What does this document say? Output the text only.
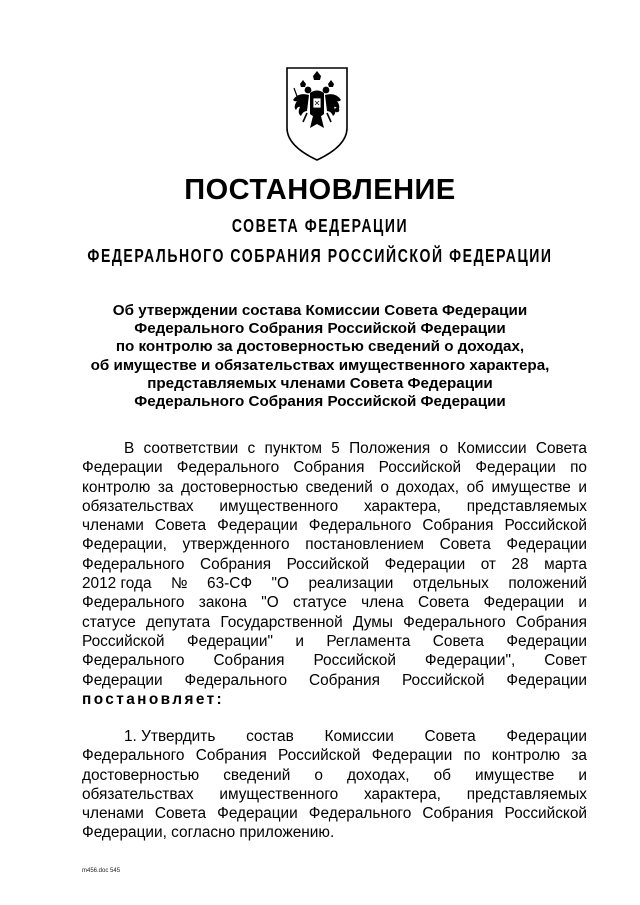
ПОСТАНОВЛЕНИЕ
СОВЕТА ФЕДЕРАЦИИ
ФЕДЕРАЛЬНОГО СОБРАНИЯ РОССИЙСКОЙ ФЕДЕРАЦИИ
Об утверждении состава Комиссии Совета Федерации
Федерального Собрания Российской Федерации
по контролю за достоверностью сведений о доходах,
об имуществе и обязательствах имущественного характера,
представляемых членами Совета Федерации
Федерального Собрания Российской Федерации
В соответствии с пунктом 5 Положения о Комиссии Совета
Федерации Федерального Собрания Российской Федерации по
контролю за достоверностью сведений о доходах, об имуществе и
обязательствах имущественного характера, представляемых
членами Совета Федерации Федерального Собрания Российской
Федерации, утвержденного постановлением Совета Федерации
Федерального Собрания Российской Федерации от 28 марта
2012 года № 63-СФ "О реализации отдельных положений
Федерального закона "О статусе члена Совета Федерации и
статусе депутата Государственной Думы Федерального Собрания
Российской Федерации" и Регламента Совета Федерации
Федерального Собрания Российской Федерации", Совет
Федерации Федерального Собрания Российской Федерации
постановляет:
1. Утвердить состав Комиссии Совета Федерации
Федерального Собрания Российской Федерации по контролю за
достоверностью сведений о доходах, об имуществе и
обязательствах имущественного характера, представляемых
членами Совета Федерации Федерального Собрания Российской
Федерации, согласно приложению.
m456.doc 545
